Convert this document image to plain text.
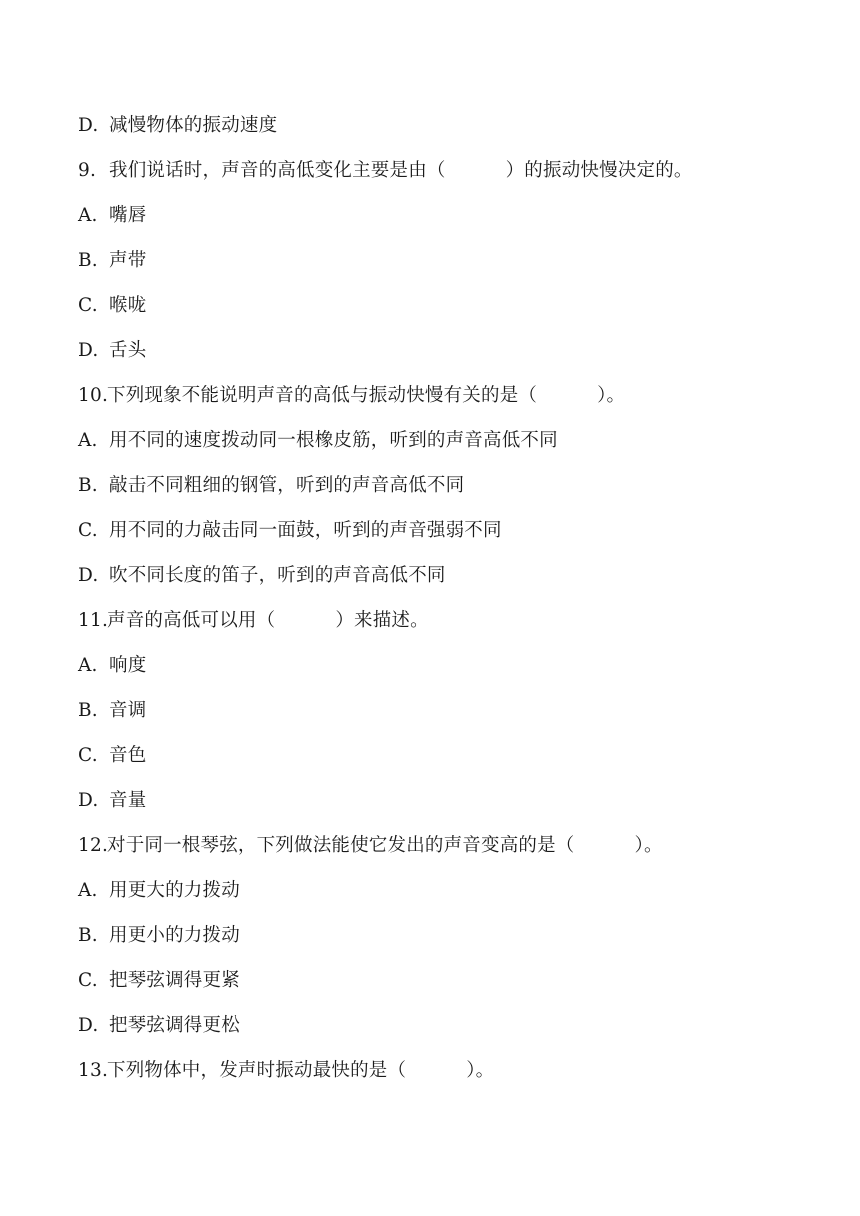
D. 减慢物体的振动速度
9. 我们说话时，声音的高低变化主要是由（	）的振动快慢决定的。
A. 嘴唇
B. 声带
C. 喉咙
D. 舌头
10.下列现象不能说明声音的高低与振动快慢有关的是（	）。
A. 用不同的速度拨动同一根橡皮筋，听到的声音高低不同
B. 敲击不同粗细的钢管，听到的声音高低不同
C. 用不同的力敲击同一面鼓，听到的声音强弱不同
D. 吹不同长度的笛子，听到的声音高低不同
11.声音的高低可以用（	）来描述。
A. 响度
B. 音调
C. 音色
D. 音量
12.对于同一根琴弦，下列做法能使它发出的声音变高的是（	）。
A. 用更大的力拨动
B. 用更小的力拨动
C. 把琴弦调得更紧
D. 把琴弦调得更松
13.下列物体中，发声时振动最快的是（	）。
